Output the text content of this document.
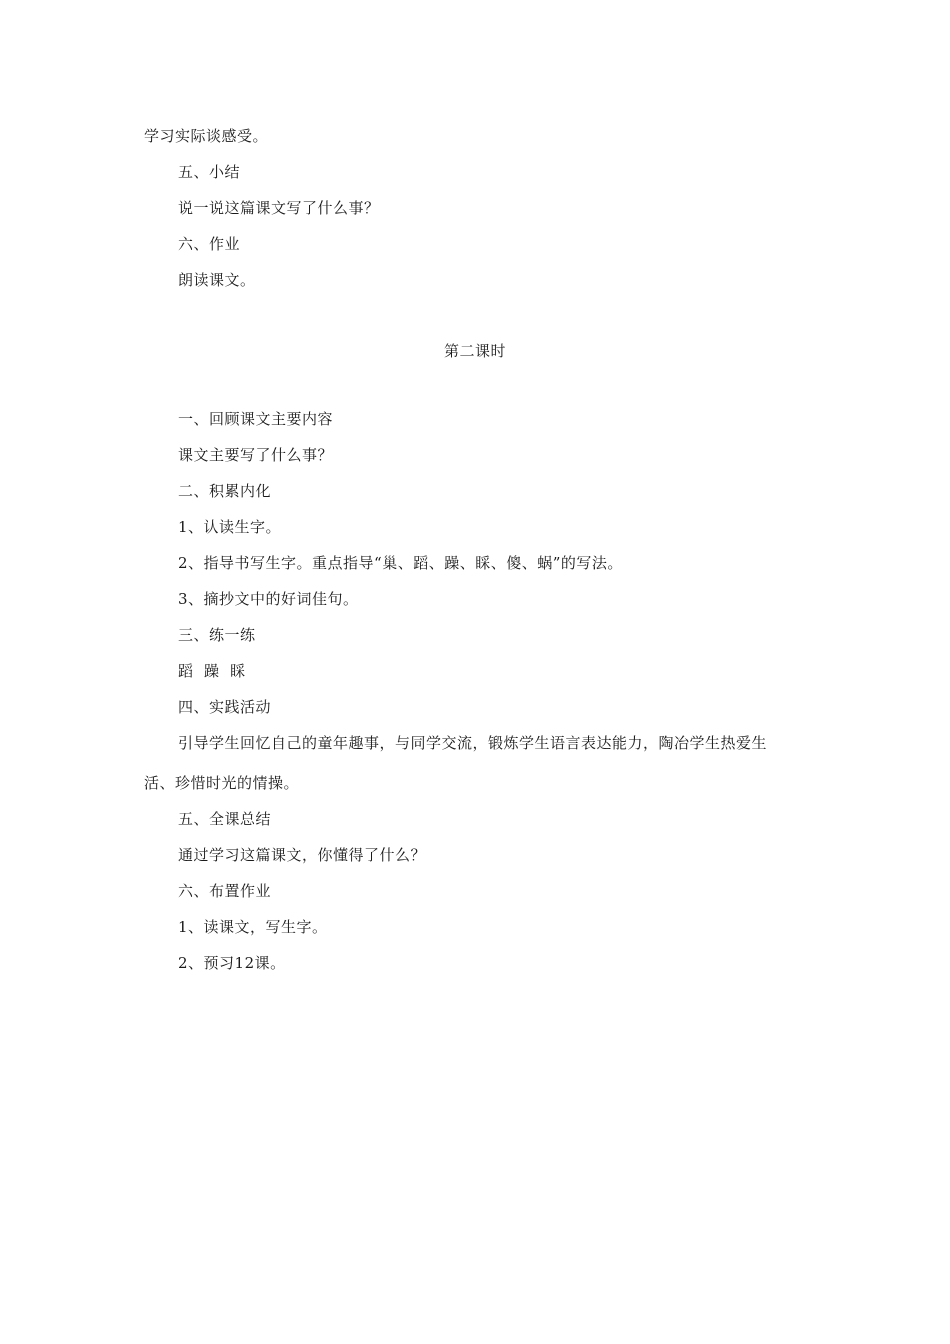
学习实际谈感受。
五、小结
说一说这篇课文写了什么事？
六、作业
朗读课文。
第二课时
一、回顾课文主要内容
课文主要写了什么事？
二、积累内化
1、认读生字。
2、指导书写生字。重点指导“巢、蹈、躁、睬、傻、蜗”的写法。
3、摘抄文中的好词佳句。
三、练一练
蹈  躁  睬
四、实践活动
引导学生回忆自己的童年趣事，与同学交流，锻炼学生语言表达能力，陶冶学生热爱生
活、珍惜时光的情操。
五、全课总结
通过学习这篇课文，你懂得了什么？
六、布置作业
1、读课文，写生字。
2、预习12课。
